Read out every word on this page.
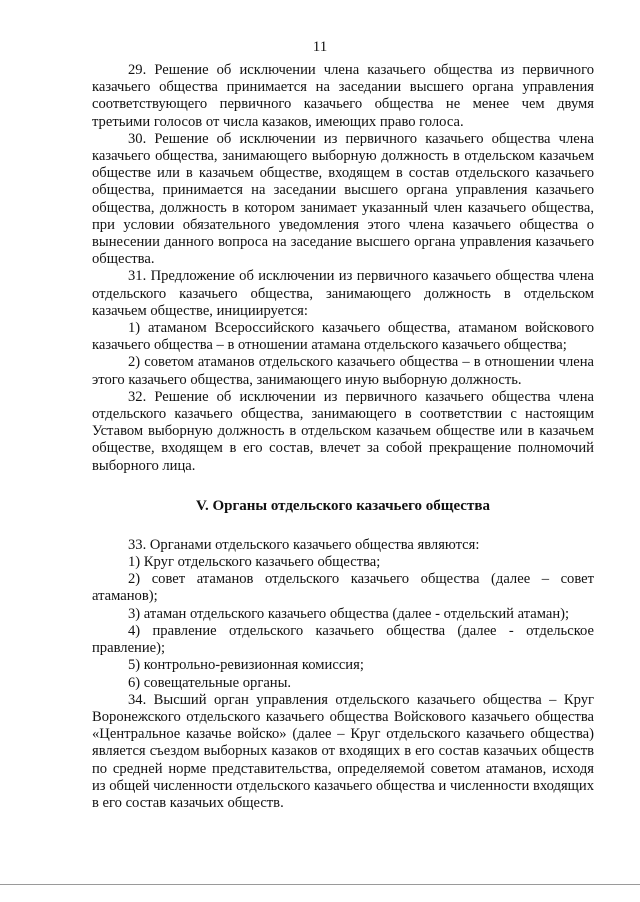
11

29. Решение об исключении члена казачьего общества из первичного казачьего общества принимается на заседании высшего органа управления соответствующего первичного казачьего общества не менее чем двумя третьими голосов от числа казаков, имеющих право голоса.

30. Решение об исключении из первичного казачьего общества члена казачьего общества, занимающего выборную должность в отдельском казачьем обществе или в казачьем обществе, входящем в состав отдельского казачьего общества, принимается на заседании высшего органа управления казачьего общества, должность в котором занимает указанный член казачьего общества, при условии обязательного уведомления этого члена казачьего общества о вынесении данного вопроса на заседание высшего органа управления казачьего общества.

31. Предложение об исключении из первичного казачьего общества члена отдельского казачьего общества, занимающего должность в отдельском казачьем обществе, инициируется:

1) атаманом Всероссийского казачьего общества, атаманом войскового казачьего общества – в отношении атамана отдельского казачьего общества;

2) советом атаманов отдельского казачьего общества – в отношении члена этого казачьего общества, занимающего иную выборную должность.

32. Решение об исключении из первичного казачьего общества члена отдельского казачьего общества, занимающего в соответствии с настоящим Уставом выборную должность в отдельском казачьем обществе или в казачьем обществе, входящем в его состав, влечет за собой прекращение полномочий выборного лица.

V. Органы отдельского казачьего общества

33. Органами отдельского казачьего общества являются:

1) Круг отдельского казачьего общества;

2) совет атаманов отдельского казачьего общества (далее – совет атаманов);

3) атаман отдельского казачьего общества (далее - отдельский атаман);

4) правление отдельского казачьего общества (далее - отдельское правление);

5) контрольно-ревизионная комиссия;

6) совещательные органы.

34. Высший орган управления отдельского казачьего общества – Круг Воронежского отдельского казачьего общества Войскового казачьего общества «Центральное казачье войско» (далее – Круг отдельского казачьего общества) является съездом выборных казаков от входящих в его состав казачьих обществ по средней норме представительства, определяемой советом атаманов, исходя из общей численности отдельского казачьего общества и численности входящих в его состав казачьих обществ.
